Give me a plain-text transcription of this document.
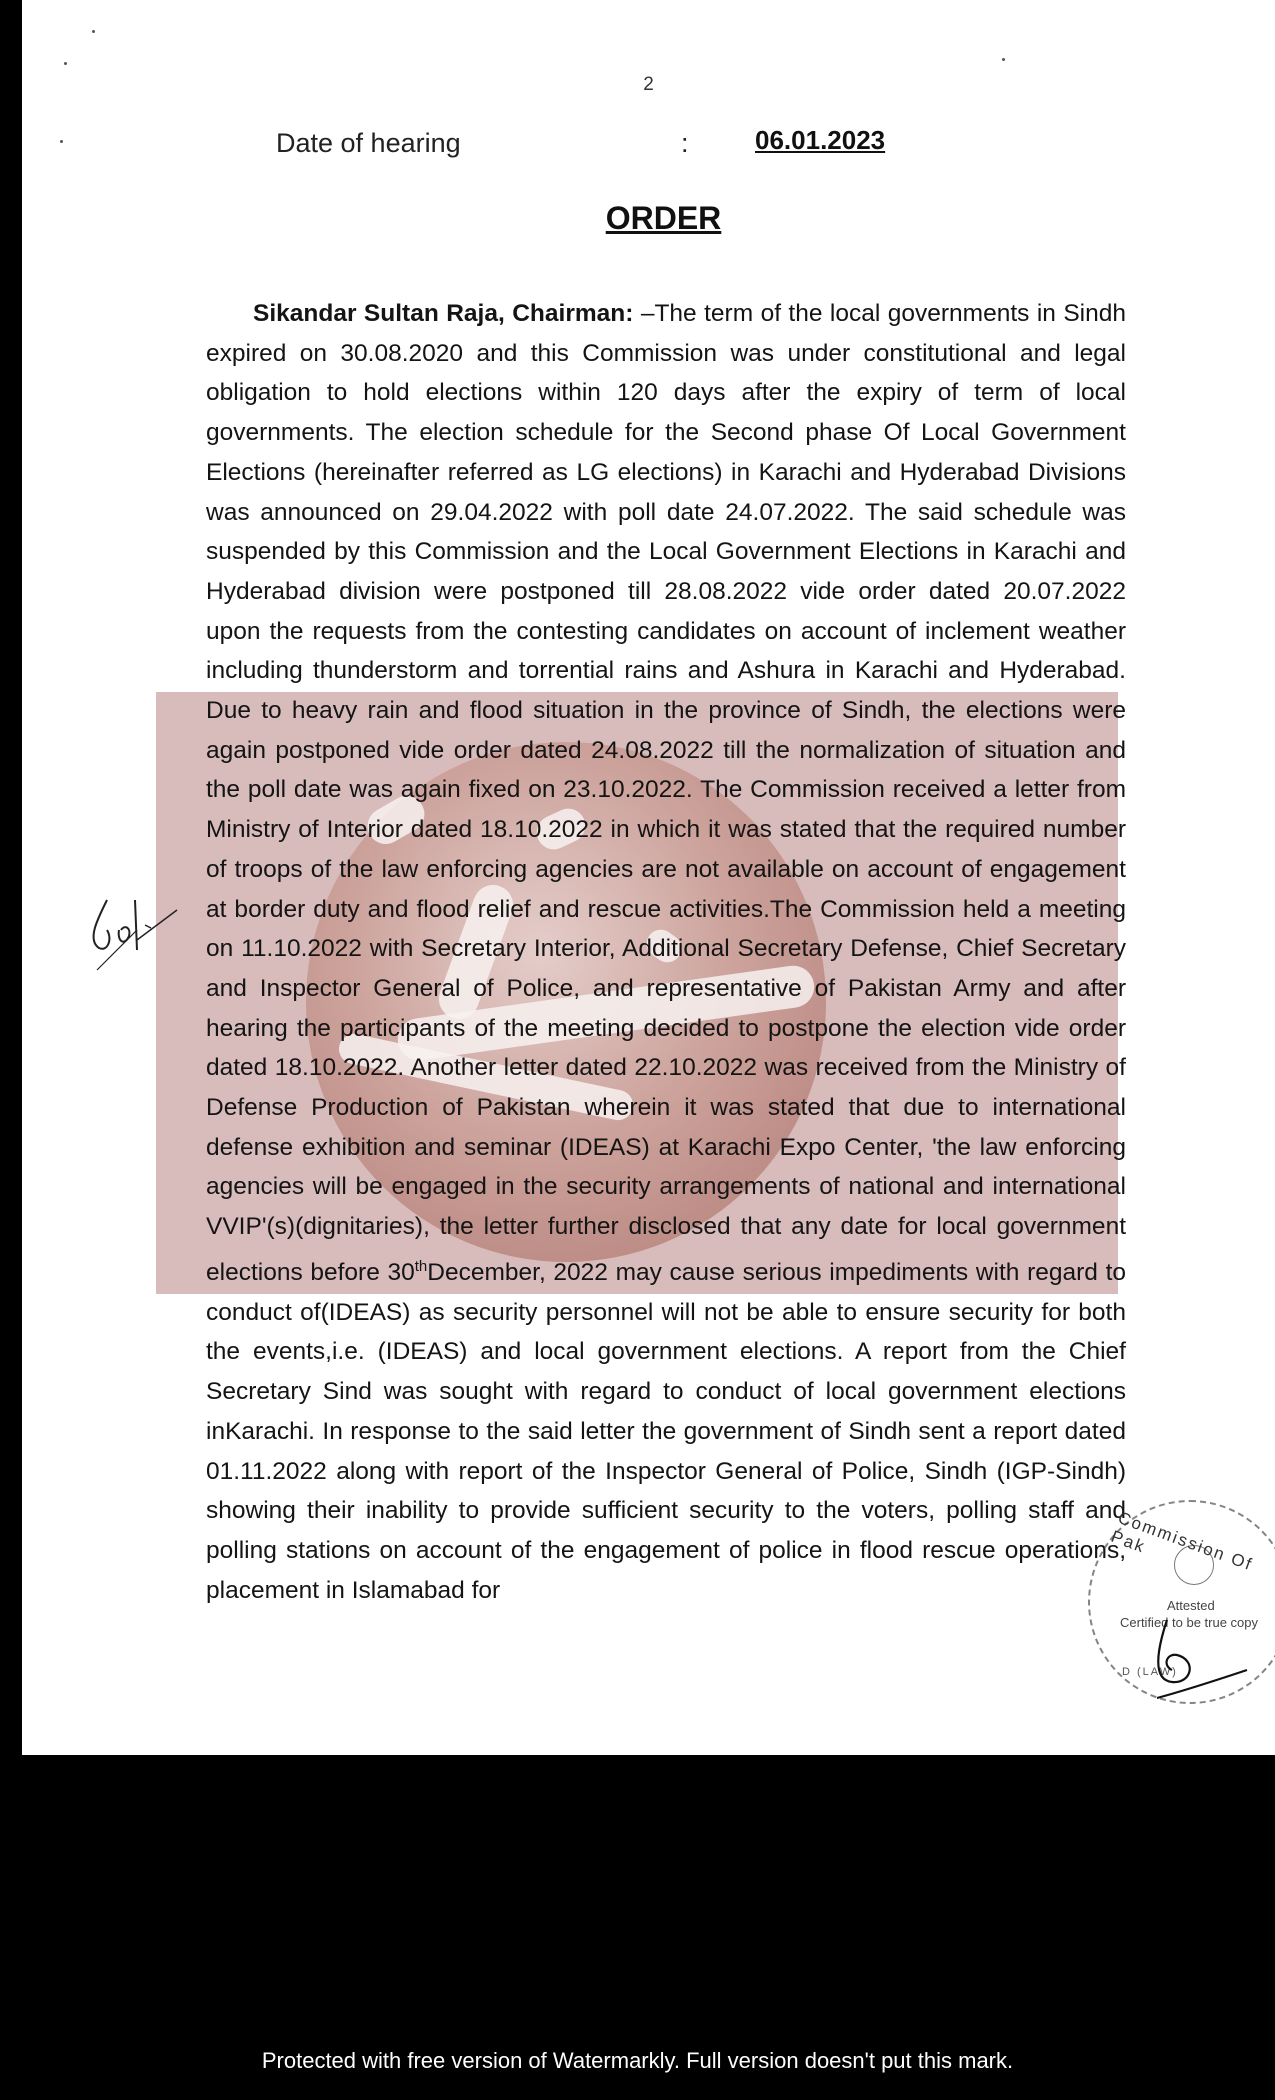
2
Date of hearing	:	06.01.2023
ORDER
Sikandar Sultan Raja, Chairman: –The term of the local governments in Sindh expired on 30.08.2020 and this Commission was under constitutional and legal obligation to hold elections within 120 days after the expiry of term of local governments. The election schedule for the Second phase Of Local Government Elections (hereinafter referred as LG elections) in Karachi and Hyderabad Divisions was announced on 29.04.2022 with poll date 24.07.2022. The said schedule was suspended by this Commission and the Local Government Elections in Karachi and Hyderabad division were postponed till 28.08.2022 vide order dated 20.07.2022 upon the requests from the contesting candidates on account of inclement weather including thunderstorm and torrential rains and Ashura in Karachi and Hyderabad. Due to heavy rain and flood situation in the province of Sindh, the elections were again postponed vide order dated 24.08.2022 till the normalization of situation and the poll date was again fixed on 23.10.2022. The Commission received a letter from Ministry of Interior dated 18.10.2022 in which it was stated that the required number of troops of the law enforcing agencies are not available on account of engagement at border duty and flood relief and rescue activities.The Commission held a meeting on 11.10.2022 with Secretary Interior, Additional Secretary Defense, Chief Secretary and Inspector General of Police, and representative of Pakistan Army and after hearing the participants of the meeting decided to postpone the election vide order dated 18.10.2022. Another letter dated 22.10.2022 was received from the Ministry of Defense Production of Pakistan wherein it was stated that due to international defense exhibition and seminar (IDEAS) at Karachi Expo Center, 'the law enforcing agencies will be engaged in the security arrangements of national and international VVIP'(s)(dignitaries), the letter further disclosed that any date for local government elections before 30thDecember, 2022 may cause serious impediments with regard to conduct of(IDEAS) as security personnel will not be able to ensure security for both the events,i.e. (IDEAS) and local government elections. A report from the Chief Secretary Sind was sought with regard to conduct of local government elections inKarachi. In response to the said letter the government of Sindh sent a report dated 01.11.2022 along with report of the Inspector General of Police, Sindh (IGP-Sindh) showing their inability to provide sufficient security to the voters, polling staff and polling stations on account of the engagement of police in flood rescue operations, placement in Islamabad for
Commission Of Pak
Attested
Certified to be true copy
D (LAW)
Protected with free version of Watermarkly. Full version doesn't put this mark.
